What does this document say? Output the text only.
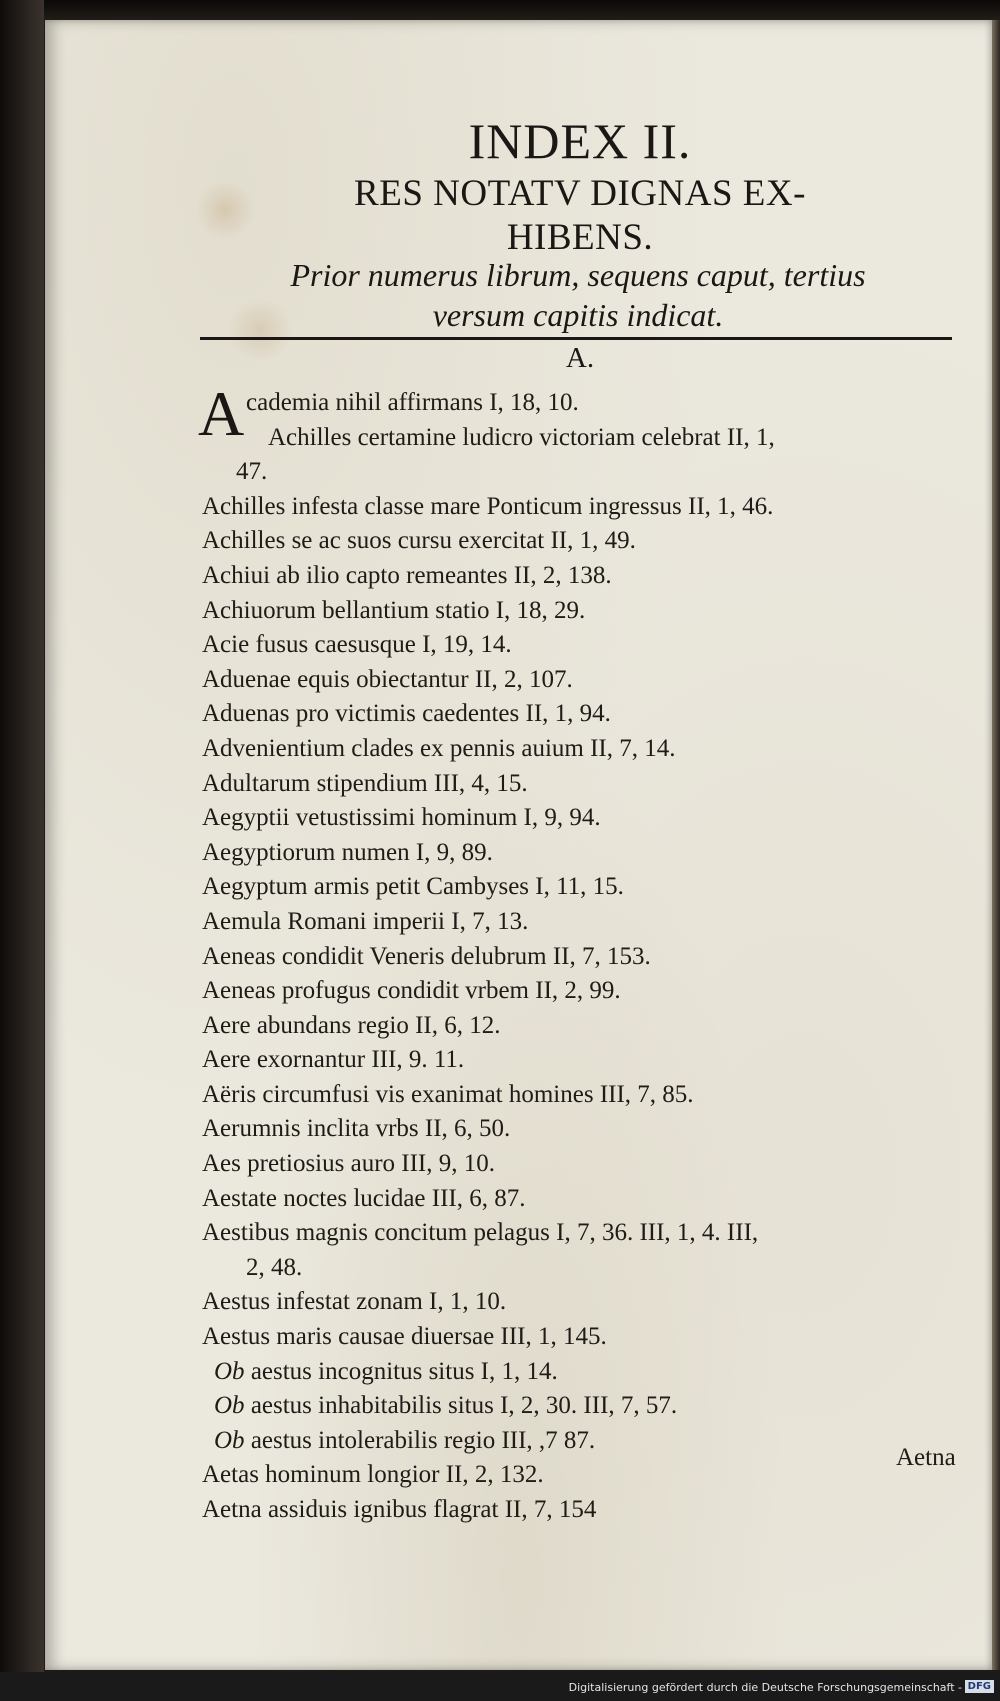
INDEX II.
RES NOTATV DIGNAS EX-
HIBENS.
Prior numerus librum, sequens caput, tertius
versum capitis indicat.
A.
A cademia nihil affirmans I, 18, 10.
Achilles certamine ludicro victoriam celebrat II, 1,
47.
Achilles infesta classe mare Ponticum ingressus II, 1, 46.
Achilles se ac suos cursu exercitat II, 1, 49.
Achiui ab ilio capto remeantes II, 2, 138.
Achiuorum bellantium statio I, 18, 29.
Acie fusus caesusque I, 19, 14.
Aduenae equis obiectantur II, 2, 107.
Aduenas pro victimis caedentes II, 1, 94.
Advenientium clades ex pennis auium II, 7, 14.
Adultarum stipendium III, 4, 15.
Aegyptii vetustissimi hominum I, 9, 94.
Aegyptiorum numen I, 9, 89.
Aegyptum armis petit Cambyses I, 11, 15.
Aemula Romani imperii I, 7, 13.
Aeneas condidit Veneris delubrum II, 7, 153.
Aeneas profugus condidit vrbem II, 2, 99.
Aere abundans regio II, 6, 12.
Aere exornantur III, 9. 11.
Aëris circumfusi vis exanimat homines III, 7, 85.
Aerumnis inclita vrbs II, 6, 50.
Aes pretiosius auro III, 9, 10.
Aestate noctes lucidae III, 6, 87.
Aestibus magnis concitum pelagus I, 7, 36. III, 1, 4. III,
2, 48.
Aestus infestat zonam I, 1, 10.
Aestus maris causae diuersae III, 1, 145.
Ob aestus incognitus situs I, 1, 14.
Ob aestus inhabitabilis situs I, 2, 30. III, 7, 57.
Ob aestus intolerabilis regio III, ,7 87.
Aetas hominum longior II, 2, 132.
Aetna assiduis ignibus flagrat II, 7, 154
Aetna
Digitalisierung gefördert durch die Deutsche Forschungsgemeinschaft - DFG
